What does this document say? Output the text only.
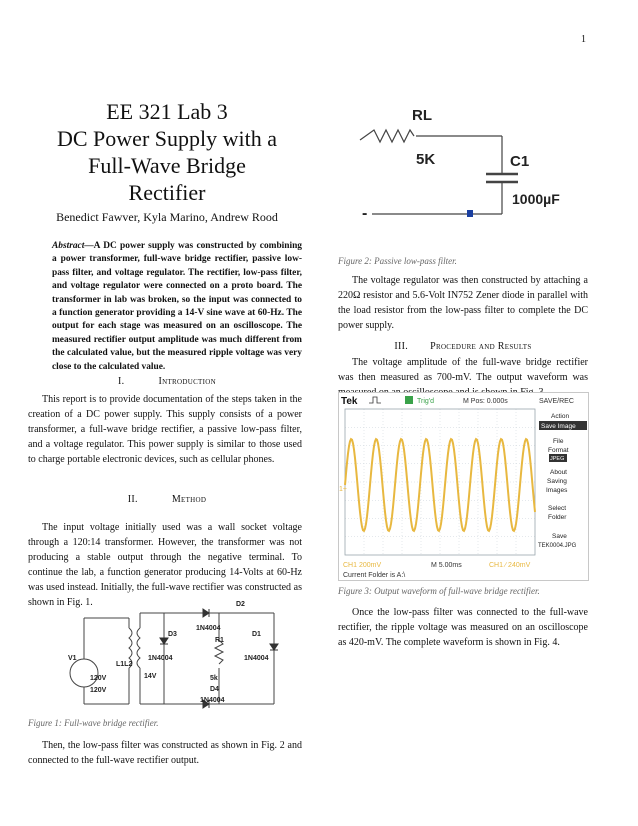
1
EE 321 Lab 3
DC Power Supply with a
Full-Wave Bridge
Rectifier
Benedict Fawver, Kyla Marino, Andrew Rood
Abstract—A DC power supply was constructed by combining a power transformer, full-wave bridge rectifier, passive low-pass filter, and voltage regulator. The rectifier, low-pass filter, and voltage regulator were connected on a proto board. The transformer in lab was broken, so the input was connected to a function generator providing a 14-V sine wave at 60-Hz. The output for each stage was measured on an oscilloscope. The measured rectifier output amplitude was much different from the calculated value, but the measured ripple voltage was very close to the calculated value.
I.	Introduction
This report is to provide documentation of the steps taken in the creation of a DC power supply. This supply consists of a power transformer, a full-wave bridge rectifier, a passive low-pass filter, and a voltage regulator. This power supply is similar to those used to charge portable electronic devices, such as cellular phones.
II.	Method
The input voltage initially used was a wall socket voltage through a 120:14 transformer. However, the transformer was not producing a stable output through the negative terminal. To continue the lab, a function generator producing 14-Volts at 60-Hz was used instead. Initially, the full-wave rectifier was constructed as shown in Fig. 1.	D2
1N4004
D3
R1
D1
1N4004
1N4004
5k
D4
1N4004
V1
120V
120V
L1L2
14V
Figure 1: Full-wave bridge rectifier.
Then, the low-pass filter was constructed as shown in Fig. 2 and connected to the full-wave rectifier output.
RL
5K	C1
1000µF
-
Figure 2: Passive low-pass filter.
The voltage regulator was then constructed by attaching a 220Ω resistor and 5.6-Volt IN752 Zener diode in parallel with the load resistor from the low-pass filter to complete the DC power supply.
III. Procedure and Results
The voltage amplitude of the full-wave bridge rectifier was then measured as 700-mV. The output waveform was
Tek	Trig'd	M Pos: 0.000s	SAVE/REC
1+
Action
Save Image
File
Format
JPEG
About
Saving
Images
Select
Folder
Save
TEK0004.JPG
CH1 200mV	M 5.00ms	CH1 ∕ 240mV
Current Folder is A:\
Figure 3: Output waveform of full-wave bridge rectifier.
Once the low-pass filter was connected to the full-wave rectifier, the ripple voltage was measured on an oscilloscope as 420-mV. The complete waveform is shown in Fig. 4.
